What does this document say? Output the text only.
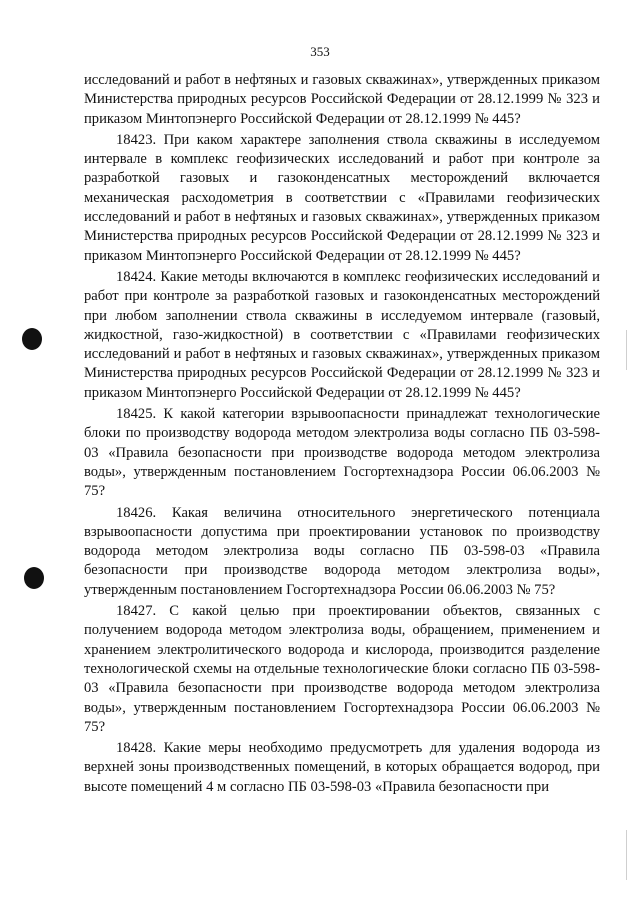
353

исследований и работ в нефтяных и газовых скважинах», утвержденных приказом Министерства природных ресурсов Российской Федерации от 28.12.1999 № 323 и приказом Минтопэнерго Российской Федерации от 28.12.1999 № 445?

18423. При каком характере заполнения ствола скважины в исследуемом интервале в комплекс геофизических исследований и работ при контроле за разработкой газовых и газоконденсатных месторождений включается механическая расходометрия в соответствии с «Правилами геофизических исследований и работ в нефтяных и газовых скважинах», утвержденных приказом Министерства природных ресурсов Российской Федерации от 28.12.1999 № 323 и приказом Минтопэнерго Российской Федерации от 28.12.1999 № 445?

18424. Какие методы включаются в комплекс геофизических исследований и работ при контроле за разработкой газовых и газоконденсатных месторождений при любом заполнении ствола скважины в исследуемом интервале (газовый, жидкостной, газо-жидкостной) в соответствии с «Правилами геофизических исследований и работ в нефтяных и газовых скважинах», утвержденных приказом Министерства природных ресурсов Российской Федерации от 28.12.1999 № 323 и приказом Минтопэнерго Российской Федерации от 28.12.1999 № 445?

18425. К какой категории взрывоопасности принадлежат технологические блоки по производству водорода методом электролиза воды согласно ПБ 03-598-03 «Правила безопасности при производстве водорода методом электролиза воды», утвержденным постановлением Госгортехнадзора России 06.06.2003 № 75?

18426. Какая величина относительного энергетического потенциала взрывоопасности допустима при проектировании установок по производству водорода методом электролиза воды согласно ПБ 03-598-03 «Правила безопасности при производстве водорода методом электролиза воды», утвержденным постановлением Госгортехнадзора России 06.06.2003 № 75?

18427. С какой целью при проектировании объектов, связанных с получением водорода методом электролиза воды, обращением, применением и хранением электролитического водорода и кислорода, производится разделение технологической схемы на отдельные технологические блоки согласно ПБ 03-598-03 «Правила безопасности при производстве водорода методом электролиза воды», утвержденным постановлением Госгортехнадзора России 06.06.2003 № 75?

18428. Какие меры необходимо предусмотреть для удаления водорода из верхней зоны производственных помещений, в которых обращается водород, при высоте помещений 4 м согласно ПБ 03-598-03 «Правила безопасности при
